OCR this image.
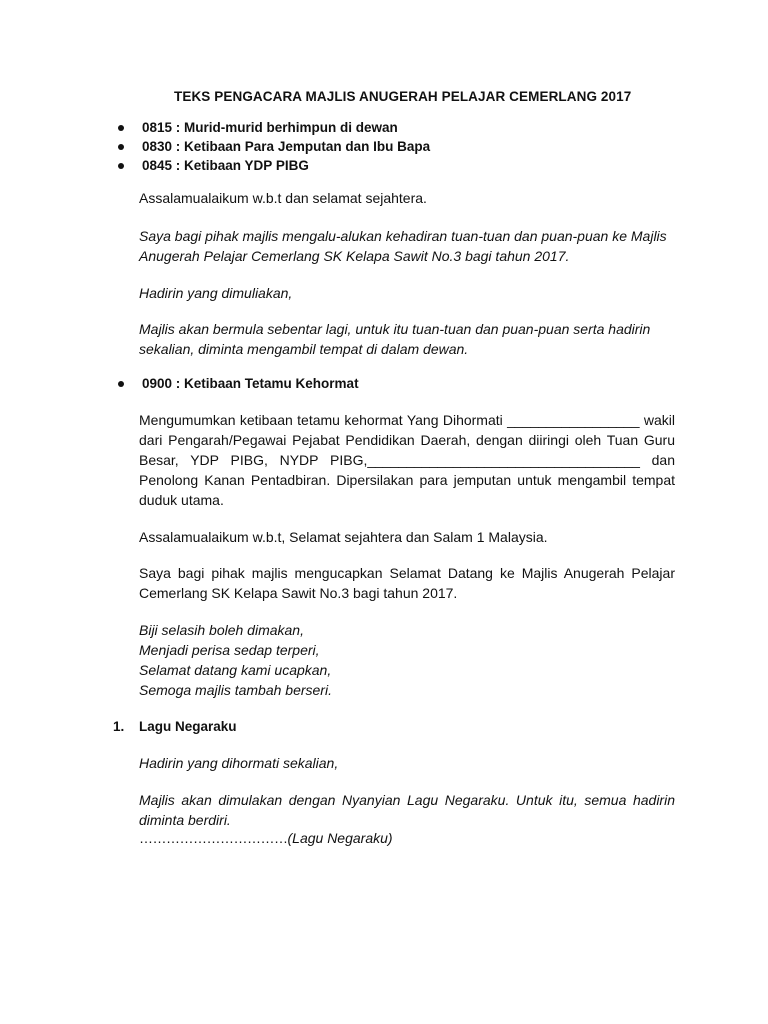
TEKS PENGACARA MAJLIS ANUGERAH PELAJAR CEMERLANG 2017
0815 : Murid-murid berhimpun di dewan
0830 : Ketibaan Para Jemputan dan Ibu Bapa
0845 : Ketibaan YDP PIBG
Assalamualaikum w.b.t dan selamat sejahtera.
Saya bagi pihak majlis mengalu-alukan kehadiran tuan-tuan dan puan-puan ke Majlis Anugerah Pelajar Cemerlang SK Kelapa Sawit No.3 bagi tahun 2017.
Hadirin yang dimuliakan,
Majlis akan bermula sebentar lagi, untuk itu tuan-tuan dan puan-puan serta hadirin sekalian, diminta mengambil tempat di dalam dewan.
0900 : Ketibaan Tetamu Kehormat
Mengumumkan ketibaan tetamu kehormat Yang Dihormati _________________ wakil dari Pengarah/Pegawai Pejabat Pendidikan Daerah, dengan diiringi oleh Tuan Guru Besar, YDP PIBG, NYDP PIBG,___________________________________ dan Penolong Kanan Pentadbiran. Dipersilakan para jemputan untuk mengambil tempat duduk utama.
Assalamualaikum w.b.t, Selamat sejahtera dan Salam 1 Malaysia.
Saya bagi pihak majlis mengucapkan Selamat Datang ke Majlis Anugerah Pelajar Cemerlang SK Kelapa Sawit No.3 bagi tahun 2017.
Biji selasih boleh dimakan,
Menjadi perisa sedap terperi,
Selamat datang kami ucapkan,
Semoga majlis tambah berseri.
1.	Lagu Negaraku
Hadirin yang dihormati sekalian,
Majlis akan dimulakan dengan Nyanyian Lagu Negaraku. Untuk itu, semua hadirin diminta berdiri.
……………………………(Lagu Negaraku)
